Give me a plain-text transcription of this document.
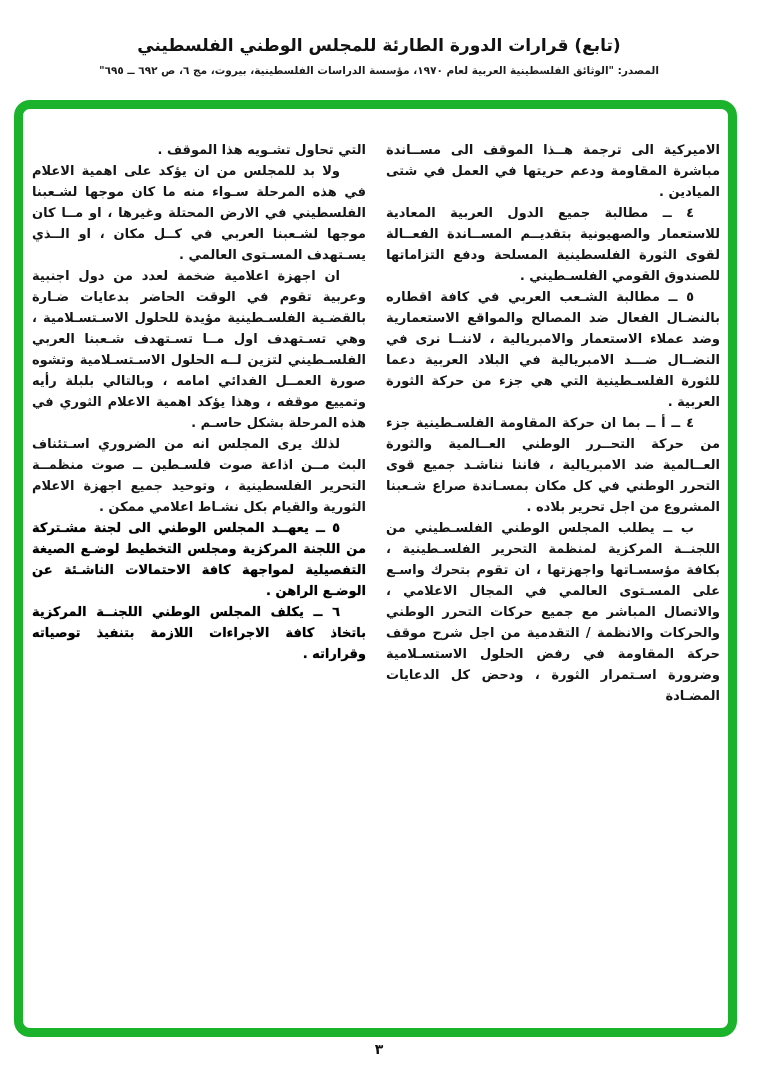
(تابع) قرارات الدورة الطارئة للمجلس الوطني الفلسطيني
المصدر: "الوثائق الفلسطينية العربية لعام ١٩٧٠، مؤسسة الدراسات الفلسطينية، بيروت، مج ٦، ص ٦٩٢ ــ ٦٩٥"

الاميركية الى ترجمة هــذا الموقف الى مســاندة مباشرة المقاومة ودعم حريتها في العمل في شتى الميادين .

٤ ــ مطالبة جميع الدول العربية المعادية للاستعمار والصهيونية بتقديــم المســاندة الفعــالة لقوى الثورة الفلسطينية المسلحة ودفع التزاماتها للصندوق القومي الفلسـطيني .

٥ ــ مطالبة الشـعب العربي في كافة اقطاره بالنضـال الفعال ضد المصالح والمواقع الاستعمارية وضد عملاء الاستعمار والامبريالية ، لاننــا نرى في النضــال ضـــد الامبريالية في البلاد العربية دعما للثورة الفلسـطينية التي هي جزء من حركة الثورة العربية .

٤ ــ أ ــ بما ان حركة المقاومة الفلسـطينية جزء من حركة التحــرر الوطني العــالمية والثورة العــالمية ضد الامبريالية ، فاننا نناشـد جميع قوى التحرر الوطني في كل مكان بمسـاندة صراع شـعبنا المشروع من اجل تحرير بلاده .

ب ــ يطلب المجلس الوطني الفلسـطيني من اللجنــة المركزية لمنظمة التحرير الفلسـطينية ، بكافة مؤسسـاتها واجهزتها ، ان تقوم بتحرك واسـع على المسـتوى العالمي في المجال الاعلامي ، والاتصال المباشر مع جميع حركات التحرر الوطني والحركات والانظمة / التقدمية من اجل شرح موقف حركة المقاومة في رفض الحلول الاستسـلامية وضرورة اسـتمرار الثورة ، ودحض كل الدعايات المضـادة

التي تحاول تشـويه هذا الموقف .

ولا بد للمجلس من ان يؤكد على اهمية الاعلام في هذه المرحلة سـواء منه ما كان موجها لشـعبنا الفلسطيني في الارض المحتلة وغيرها ، او مــا كان موجها لشـعبنا العربي في كــل مكان ، او الــذي يسـتهدف المسـتوى العالمي .

ان اجهزة اعلامية ضخمة لعدد من دول اجنبية وعربية تقوم في الوقت الحاضر بدعايات ضـارة بالقضـية الفلسـطينية مؤيدة للحلول الاسـتسـلامية ، وهي تسـتهدف اول مــا تسـتهدف شـعبنا العربي الفلسـطيني لتزين لــه الحلول الاسـتسـلامية وتشوه صورة العمــل الفدائي امامه ، وبالتالي بلبلة رأيه وتمييع موقفه ، وهذا يؤكد اهمية الاعلام الثوري في هذه المرحلة بشكل حاسـم .

لذلك يرى المجلس انه من الضروري اسـتئناف البث مــن اذاعة صوت فلسـطين ــ صوت منظمــة التحرير الفلسطينية ، وتوحيد جميع اجهزة الاعلام الثورية والقيام بكل نشـاط اعلامي ممكن .

٥ ــ يعهــد المجلس الوطني الى لجنة مشـتركة من اللجنة المركزية ومجلس التخطيط لوضـع الصيغة التفصيلية لمواجهة كافة الاحتمالات الناشـئة عن الوضـع الراهن .

٦ ــ يكلف المجلس الوطني اللجنــة المركزية باتخاذ كافة الاجراءات اللازمة بتنفيذ توصياته وقراراته .

٣
